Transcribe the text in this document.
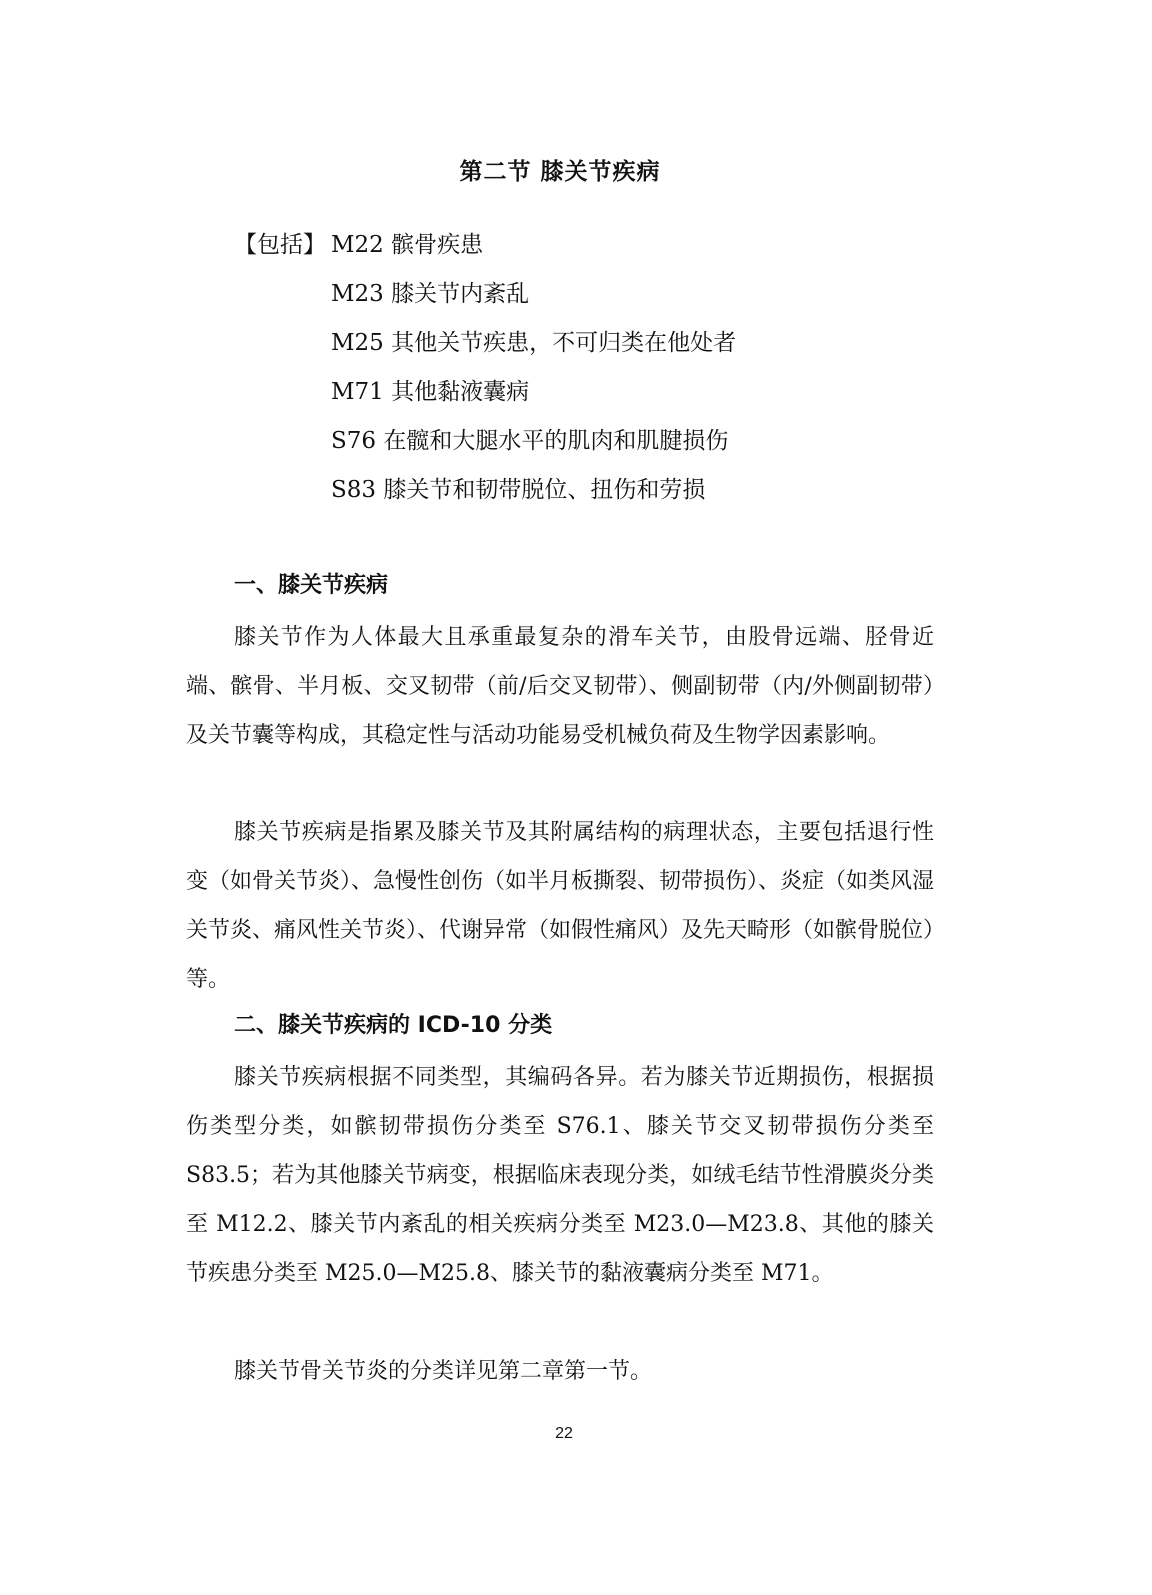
第二节 膝关节疾病
【包括】 M22 髌骨疾患
M23 膝关节内紊乱
M25 其他关节疾患，不可归类在他处者
M71 其他黏液囊病
S76 在髋和大腿水平的肌肉和肌腱损伤
S83 膝关节和韧带脱位、扭伤和劳损
一、膝关节疾病

膝关节作为人体最大且承重最复杂的滑车关节，由股骨远端、胫骨近端、髌骨、半月板、交叉韧带（前/后交叉韧带）、侧副韧带（内/外侧副韧带）及关节囊等构成，其稳定性与活动功能易受机械负荷及生物学因素影响。

膝关节疾病是指累及膝关节及其附属结构的病理状态，主要包括退行性变（如骨关节炎）、急慢性创伤（如半月板撕裂、韧带损伤）、炎症（如类风湿关节炎、痛风性关节炎）、代谢异常（如假性痛风）及先天畸形（如髌骨脱位）等。

二、膝关节疾病的 ICD-10 分类

膝关节疾病根据不同类型，其编码各异。若为膝关节近期损伤，根据损伤类型分类，如髌韧带损伤分类至 S76.1、膝关节交叉韧带损伤分类至 S83.5；若为其他膝关节病变，根据临床表现分类，如绒毛结节性滑膜炎分类至 M12.2、膝关节内紊乱的相关疾病分类至 M23.0—M23.8、其他的膝关节疾患分类至 M25.0—M25.8、膝关节的黏液囊病分类至 M71。

膝关节骨关节炎的分类详见第二章第一节。

22
